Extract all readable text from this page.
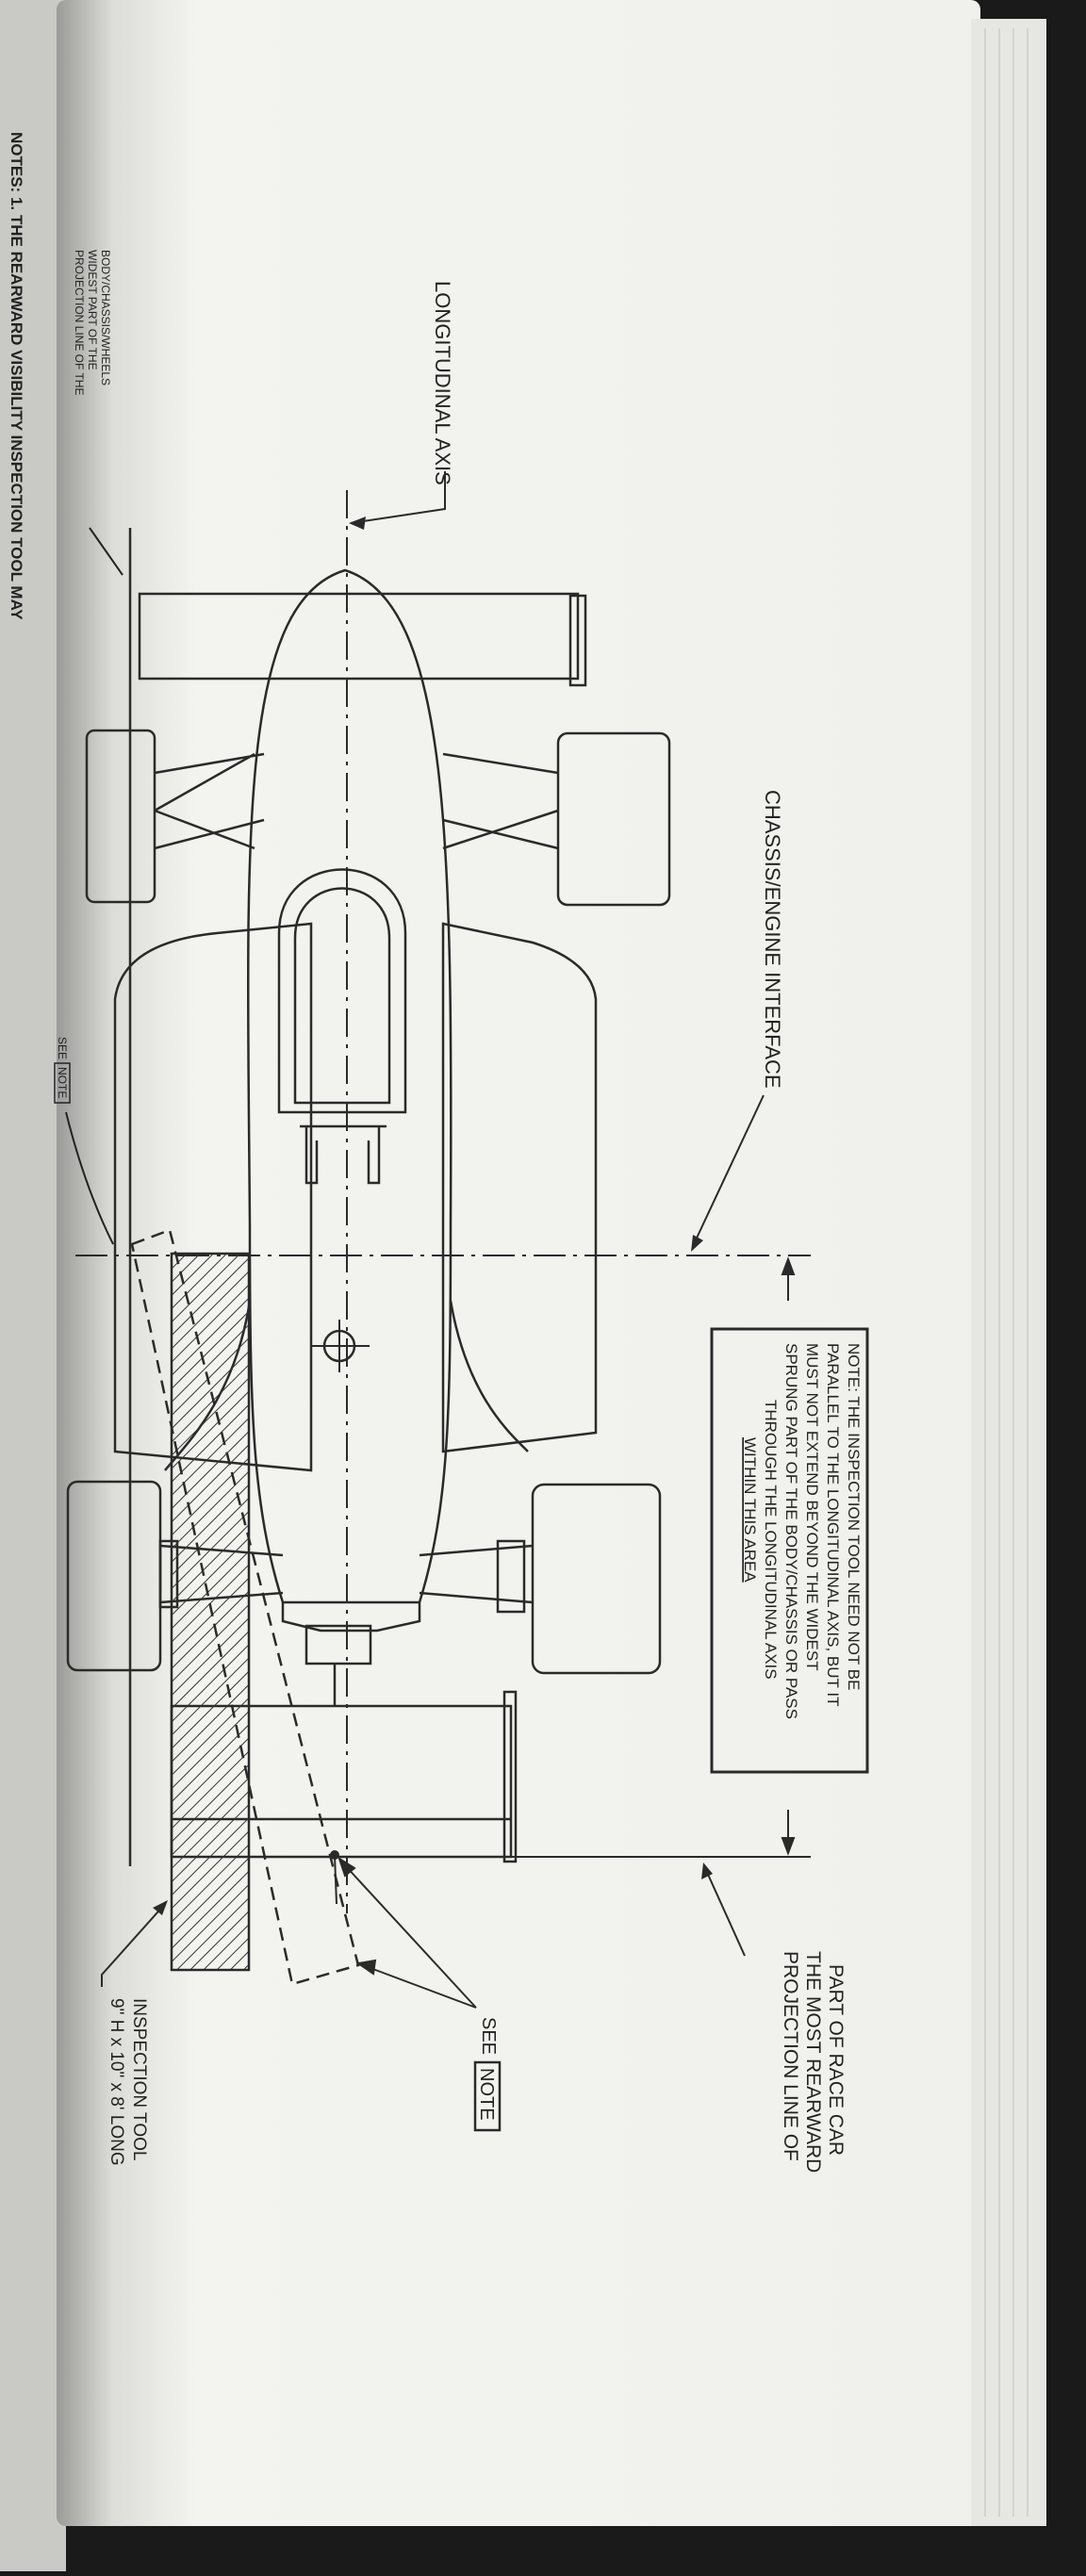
NOTES: 1. THE REARWARD VISIBILITY INSPECTION TOOL MAY	PROJECTION LINE OF THE WIDEST PART OF THE BODY/CHASSIS/WHEELS
SEE
NOTE
LONGITUDINAL AXIS
CHASSIS/ENGINE INTERFACE
NOTE: THE INSPECTION TOOL NEED NOT BE
PARALLEL TO THE LONGITUDINAL AXIS, BUT IT
MUST NOT EXTEND BEYOND THE WIDEST
SPRUNG PART OF THE BODY/CHASSIS OR PASS
THROUGH THE LONGITUDINAL AXIS
WITHIN THIS AREA
PROJECTION LINE OF THE MOST REARWARD PART OF RACE CAR
SEE
NOTE
9" H x 10" x 8' LONG INSPECTION TOOL
